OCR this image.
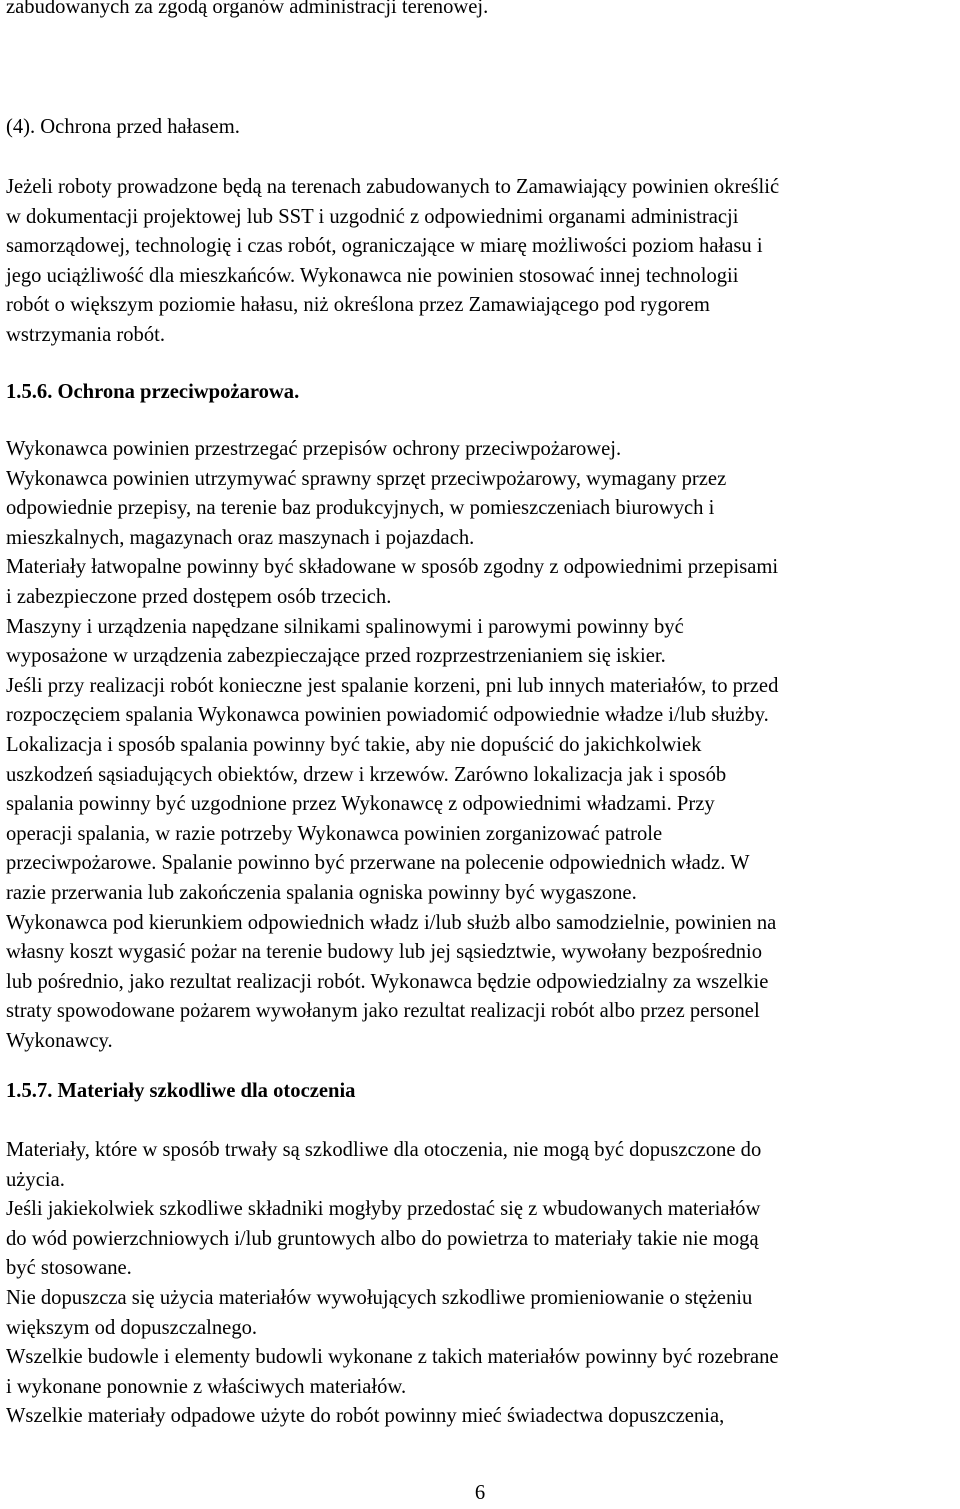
zabudowanych za zgodą organów administracji terenowej.
(4). Ochrona przed hałasem.
Jeżeli roboty prowadzone będą na terenach zabudowanych to Zamawiający powinien określić
w dokumentacji projektowej lub SST i uzgodnić z odpowiednimi organami administracji
samorządowej, technologię i czas robót, ograniczające w miarę możliwości poziom hałasu i
jego uciążliwość dla mieszkańców. Wykonawca nie powinien stosować innej technologii
robót o większym poziomie hałasu, niż określona przez Zamawiającego pod rygorem
wstrzymania robót.
1.5.6. Ochrona przeciwpożarowa.
Wykonawca powinien przestrzegać przepisów ochrony przeciwpożarowej.
Wykonawca powinien utrzymywać sprawny sprzęt przeciwpożarowy, wymagany przez
odpowiednie przepisy, na terenie baz produkcyjnych, w pomieszczeniach biurowych i
mieszkalnych, magazynach oraz maszynach i pojazdach.
Materiały łatwopalne powinny być składowane w sposób zgodny z odpowiednimi przepisami
i zabezpieczone przed dostępem osób trzecich.
Maszyny i urządzenia napędzane silnikami spalinowymi i parowymi powinny być
wyposażone w urządzenia zabezpieczające przed rozprzestrzenianiem się iskier.
Jeśli przy realizacji robót konieczne jest spalanie korzeni, pni lub innych materiałów, to przed
rozpoczęciem spalania Wykonawca powinien powiadomić odpowiednie władze i/lub służby.
Lokalizacja i sposób spalania powinny być takie, aby nie dopuścić do jakichkolwiek
uszkodzeń sąsiadujących obiektów, drzew i krzewów. Zarówno lokalizacja jak i sposób
spalania powinny być uzgodnione przez Wykonawcę z odpowiednimi władzami. Przy
operacji spalania, w razie potrzeby Wykonawca powinien zorganizować patrole
przeciwpożarowe. Spalanie powinno być przerwane na polecenie odpowiednich władz. W
razie przerwania lub zakończenia spalania ogniska powinny być wygaszone.
Wykonawca pod kierunkiem odpowiednich władz i/lub służb albo samodzielnie, powinien na
własny koszt wygasić pożar na terenie budowy lub jej sąsiedztwie, wywołany bezpośrednio
lub pośrednio, jako rezultat realizacji robót. Wykonawca będzie odpowiedzialny za wszelkie
straty spowodowane pożarem wywołanym jako rezultat realizacji robót albo przez personel
Wykonawcy.
1.5.7. Materiały szkodliwe dla otoczenia
Materiały, które w sposób trwały są szkodliwe dla otoczenia, nie mogą być dopuszczone do
użycia.
Jeśli jakiekolwiek szkodliwe składniki mogłyby przedostać się z wbudowanych materiałów
do wód powierzchniowych i/lub gruntowych albo do powietrza to materiały takie nie mogą
być stosowane.
Nie dopuszcza się użycia materiałów wywołujących szkodliwe promieniowanie o stężeniu
większym od dopuszczalnego.
Wszelkie budowle i elementy budowli wykonane z takich materiałów powinny być rozebrane
i wykonane ponownie z właściwych materiałów.
Wszelkie materiały odpadowe użyte do robót powinny mieć świadectwa dopuszczenia,
6
